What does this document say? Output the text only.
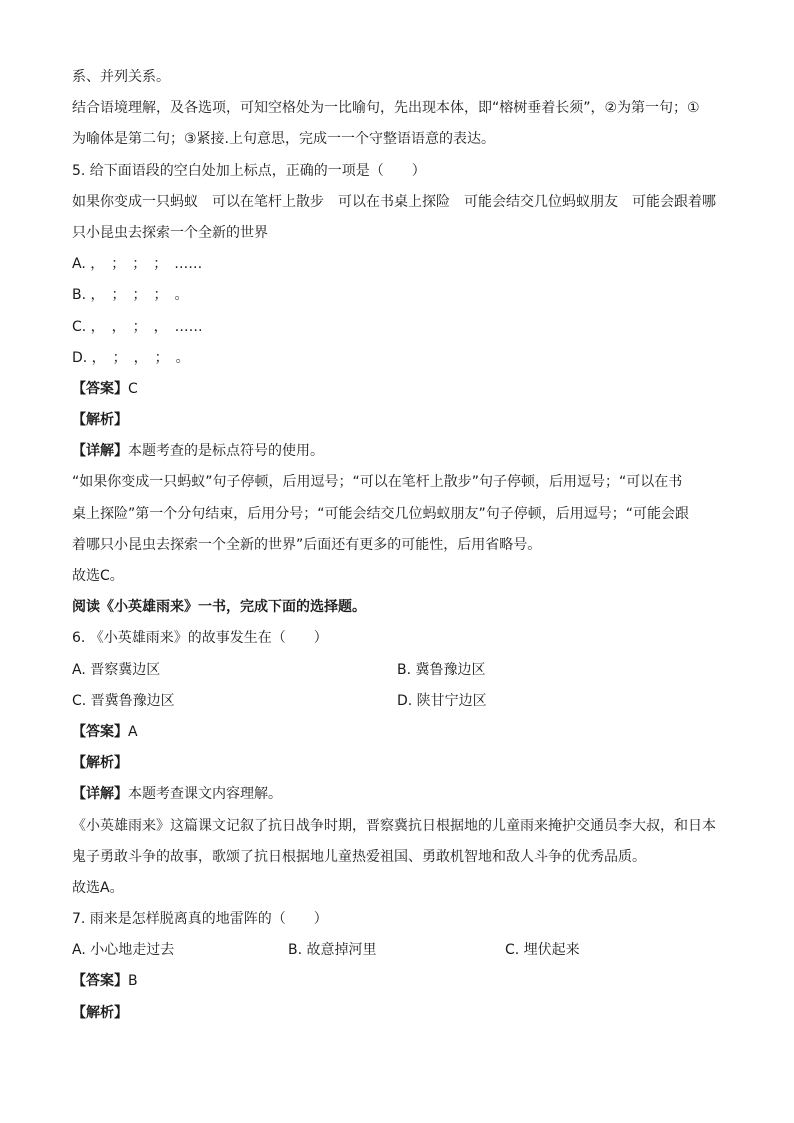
系、并列关系。
结合语境理解，及各选项，可知空格处为一比喻句，先出现本体，即“榕树垂着长须”，②为第一句；①
为喻体是第二句；③紧接.上句意思，完成一一个守整语语意的表达。
5. 给下面语段的空白处加上标点，正确的一项是（　　）
如果你变成一只蚂蚁　可以在笔杆上散步　可以在书桌上探险　可能会结交几位蚂蚁朋友　可能会跟着哪
只小昆虫去探索一个全新的世界
A. ，　；　；　；　……
B. ，　；　；　；　。
C. ，　，　；　，　……
D. ，　；　，　；　。
【答案】C
【解析】
【详解】本题考查的是标点符号的使用。
“如果你变成一只蚂蚁”句子停顿，后用逗号；“可以在笔杆上散步”句子停顿，后用逗号；“可以在书
桌上探险”第一个分句结束，后用分号；“可能会结交几位蚂蚁朋友”句子停顿，后用逗号；“可能会跟
着哪只小昆虫去探索一个全新的世界”后面还有更多的可能性，后用省略号。
故选C。
阅读《小英雄雨来》一书，完成下面的选择题。
6. 《小英雄雨来》的故事发生在（　　）
A. 晋察冀边区	B. 冀鲁豫边区
C. 晋冀鲁豫边区	D. 陕甘宁边区
【答案】A
【解析】
【详解】本题考查课文内容理解。
《小英雄雨来》这篇课文记叙了抗日战争时期，晋察冀抗日根据地的儿童雨来掩护交通员李大叔，和日本
鬼子勇敢斗争的故事，歌颂了抗日根据地儿童热爱祖国、勇敢机智地和敌人斗争的优秀品质。
故选A。
7. 雨来是怎样脱离真的地雷阵的（　　）
A. 小心地走过去	B. 故意掉河里	C. 埋伏起来
【答案】B
【解析】
